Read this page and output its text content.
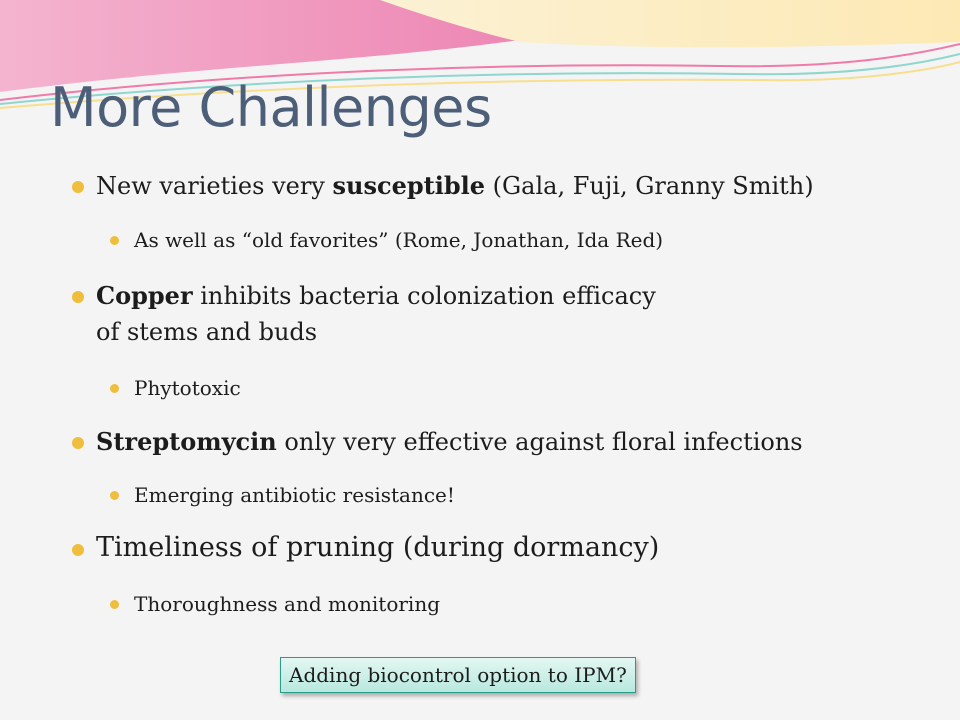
More Challenges
New varieties very susceptible (Gala, Fuji, Granny Smith)
As well as “old favorites” (Rome, Jonathan, Ida Red)
Copper inhibits bacteria colonization efficacy
of stems and buds
Phytotoxic
Streptomycin only very effective against floral infections
Emerging antibiotic resistance!
Timeliness of pruning (during dormancy)
Thoroughness and monitoring
Adding biocontrol option to IPM?
